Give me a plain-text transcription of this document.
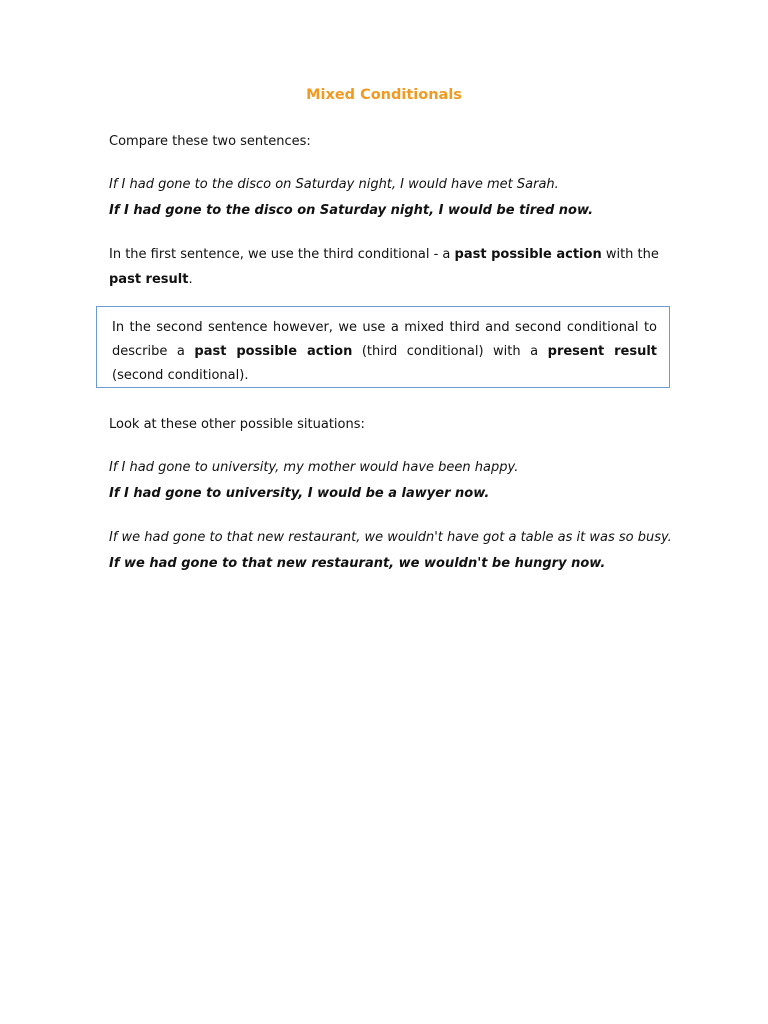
Mixed Conditionals
Compare these two sentences:
If I had gone to the disco on Saturday night, I would have met Sarah.
If I had gone to the disco on Saturday night, I would be tired now.
In the first sentence, we use the third conditional - a past possible action with the past result.
In the second sentence however, we use a mixed third and second conditional to describe a past possible action (third conditional) with a present result (second conditional).
Look at these other possible situations:
If I had gone to university, my mother would have been happy.
If I had gone to university, I would be a lawyer now.
If we had gone to that new restaurant, we wouldn't have got a table as it was so busy.
If we had gone to that new restaurant, we wouldn't be hungry now.
